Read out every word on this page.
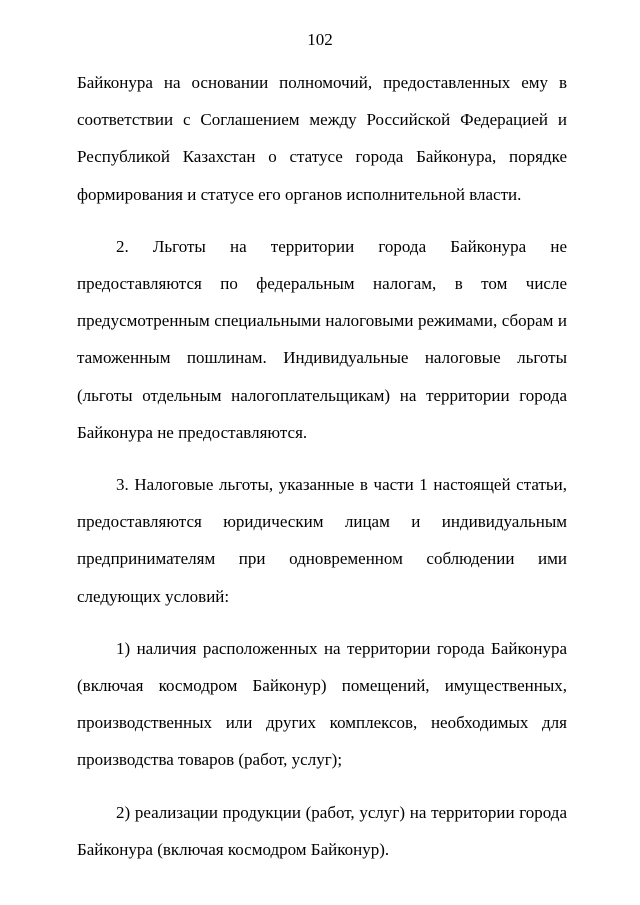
102

Байконура на основании полномочий, предоставленных ему в соответствии с Соглашением между Российской Федерацией и Республикой Казахстан о статусе города Байконура, порядке формирования и статусе его органов исполнительной власти.

2. Льготы на территории города Байконура не предоставляются по федеральным налогам, в том числе предусмотренным специальными налоговыми режимами, сборам и таможенным пошлинам. Индивидуальные налоговые льготы (льготы отдельным налогоплательщикам) на территории города Байконура не предоставляются.

3. Налоговые льготы, указанные в части 1 настоящей статьи, предоставляются юридическим лицам и индивидуальным предпринимателям при одновременном соблюдении ими следующих условий:

1) наличия расположенных на территории города Байконура (включая космодром Байконур) помещений, имущественных, производственных или других комплексов, необходимых для производства товаров (работ, услуг);

2) реализации продукции (работ, услуг) на территории города Байконура (включая космодром Байконур).
